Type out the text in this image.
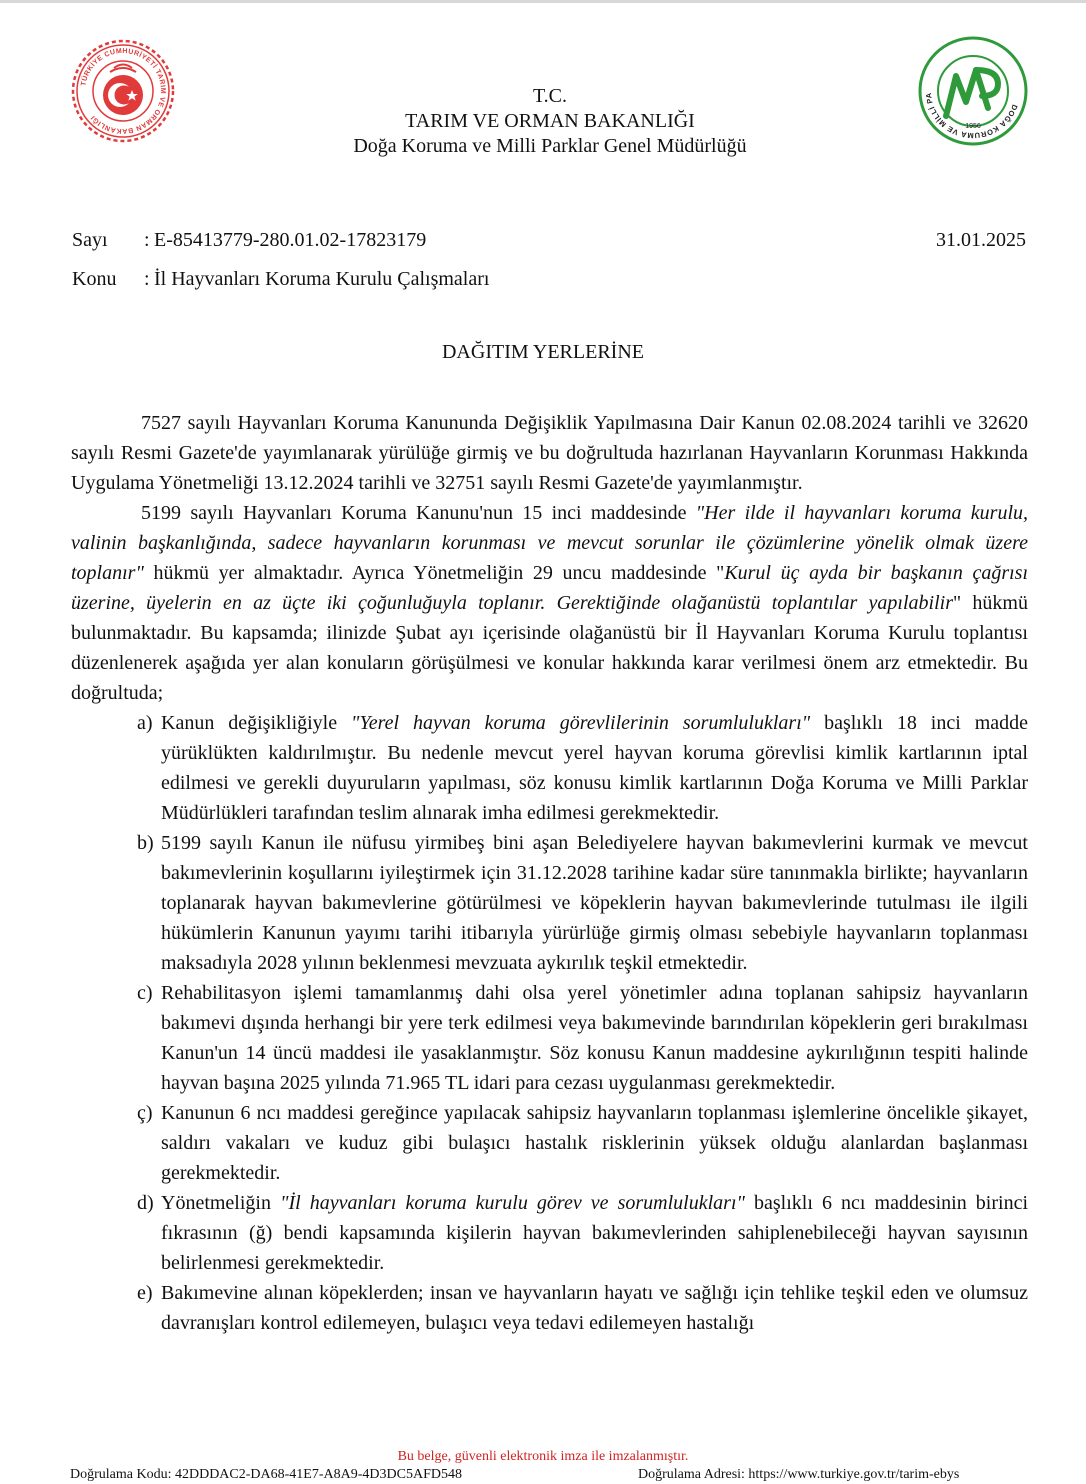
TÜRKİYE CUMHURİYETİ TARIM VE ORMAN BAKANLIĞI
DOĞA KORUMA VE MİLLİ PA
1956
T.C.
TARIM VE ORMAN BAKANLIĞI
Doğa Koruma ve Milli Parklar Genel Müdürlüğü
Sayı : E-85413779-280.01.02-17823179
Konu : İl Hayvanları Koruma Kurulu Çalışmaları
31.01.2025
DAĞITIM YERLERİNE

7527 sayılı Hayvanları Koruma Kanununda Değişiklik Yapılmasına Dair Kanun 02.08.2024 tarihli ve 32620 sayılı Resmi Gazete'de yayımlanarak yürülüğe girmiş ve bu doğrultuda hazırlanan Hayvanların Korunması Hakkında Uygulama Yönetmeliği 13.12.2024 tarihli ve 32751 sayılı Resmi Gazete'de yayımlanmıştır.

5199 sayılı Hayvanları Koruma Kanunu'nun 15 inci maddesinde "Her ilde il hayvanları koruma kurulu, valinin başkanlığında, sadece hayvanların korunması ve mevcut sorunlar ile çözümlerine yönelik olmak üzere toplanır" hükmü yer almaktadır. Ayrıca Yönetmeliğin 29 uncu maddesinde "Kurul üç ayda bir başkanın çağrısı üzerine, üyelerin en az üçte iki çoğunluğuyla toplanır. Gerektiğinde olağanüstü toplantılar yapılabilir" hükmü bulunmaktadır. Bu kapsamda; ilinizde Şubat ayı içerisinde olağanüstü bir İl Hayvanları Koruma Kurulu toplantısı düzenlenerek aşağıda yer alan konuların görüşülmesi ve konular hakkında karar verilmesi önem arz etmektedir. Bu doğrultuda;

a) Kanun değişikliğiyle "Yerel hayvan koruma görevlilerinin sorumlulukları" başlıklı 18 inci madde yürüklükten kaldırılmıştır. Bu nedenle mevcut yerel hayvan koruma görevlisi kimlik kartlarının iptal edilmesi ve gerekli duyuruların yapılması, söz konusu kimlik kartlarının Doğa Koruma ve Milli Parklar Müdürlükleri tarafından teslim alınarak imha edilmesi gerekmektedir.
b) 5199 sayılı Kanun ile nüfusu yirmibeş bini aşan Belediyelere hayvan bakımevlerini kurmak ve mevcut bakımevlerinin koşullarını iyileştirmek için 31.12.2028 tarihine kadar süre tanınmakla birlikte; hayvanların toplanarak hayvan bakımevlerine götürülmesi ve köpeklerin hayvan bakımevlerinde tutulması ile ilgili hükümlerin Kanunun yayımı tarihi itibarıyla yürürlüğe girmiş olması sebebiyle hayvanların toplanması maksadıyla 2028 yılının beklenmesi mevzuata aykırılık teşkil etmektedir.
c) Rehabilitasyon işlemi tamamlanmış dahi olsa yerel yönetimler adına toplanan sahipsiz hayvanların bakımevi dışında herhangi bir yere terk edilmesi veya bakımevinde barındırılan köpeklerin geri bırakılması Kanun'un 14 üncü maddesi ile yasaklanmıştır. Söz konusu Kanun maddesine aykırılığının tespiti halinde hayvan başına 2025 yılında 71.965 TL idari para cezası uygulanması gerekmektedir.
ç) Kanunun 6 ncı maddesi gereğince yapılacak sahipsiz hayvanların toplanması işlemlerine öncelikle şikayet, saldırı vakaları ve kuduz gibi bulaşıcı hastalık risklerinin yüksek olduğu alanlardan başlanması gerekmektedir.
d) Yönetmeliğin "İl hayvanları koruma kurulu görev ve sorumlulukları" başlıklı 6 ncı maddesinin birinci fıkrasının (ğ) bendi kapsamında kişilerin hayvan bakımevlerinden sahiplenebileceği hayvan sayısının belirlenmesi gerekmektedir.
e) Bakımevine alınan köpeklerden; insan ve hayvanların hayatı ve sağlığı için tehlike teşkil eden ve olumsuz davranışları kontrol edilemeyen, bulaşıcı veya tedavi edilemeyen hastalığı
Bu belge, güvenli elektronik imza ile imzalanmıştır.
Doğrulama Kodu: 42DDDAC2-DA68-41E7-A8A9-4D3DC5AFD548	Doğrulama Adresi: https://www.turkiye.gov.tr/tarim-ebys
